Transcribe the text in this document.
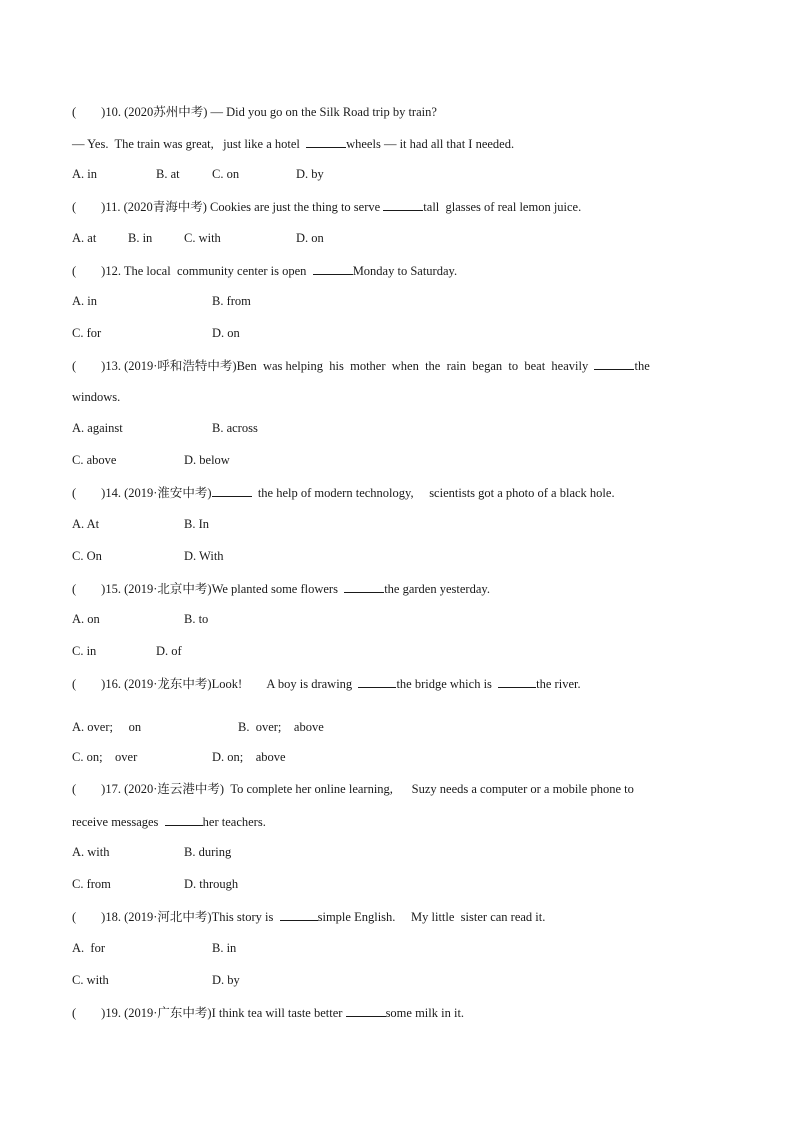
(        )10. (2020苏州中考) — Did you go on the Silk Road trip by train?
— Yes.  The train was great,   just like a hotel	wheels — it had all that I needed.
A. in	B. at	C. on	D. by
(        )11. (2020青海中考) Cookies are just the thing to serve	tall  glasses of real lemon juice.
A. at	B. in	C. with	D. on
(        )12. The local  community center is open	Monday to Saturday.
A. in	B. from
C. for	D. on
(        )13. (2019·呼和浩特中考)Ben  was helping  his  mother  when  the  rain  began  to  beat  heavily	the
windows.
A. against	B. across
C. above	D. below
(        )14. (2019·淮安中考)	the help of modern technology,     scientists got a photo of a black hole.
A. At	B. In
C. On	D. With
(        )15. (2019·北京中考)We planted some flowers	the garden yesterday.
A. on	B. to
C. in	D. of
(        )16. (2019·龙东中考)Look!        A boy is drawing	the bridge which is	the river.
A. over;     on	B.  over;    above
C. on;    over	D. on;    above
(        )17. (2020·连云港中考)  To complete her online learning,      Suzy needs a computer or a mobile phone to
receive messages	her teachers.
A. with	B. during
C. from	D. through
(        )18. (2019·河北中考)This story is	simple English.     My little  sister can read it.
A.  for	B. in
C. with	D. by
(        )19. (2019·广东中考)I think tea will taste better	some milk in it.
